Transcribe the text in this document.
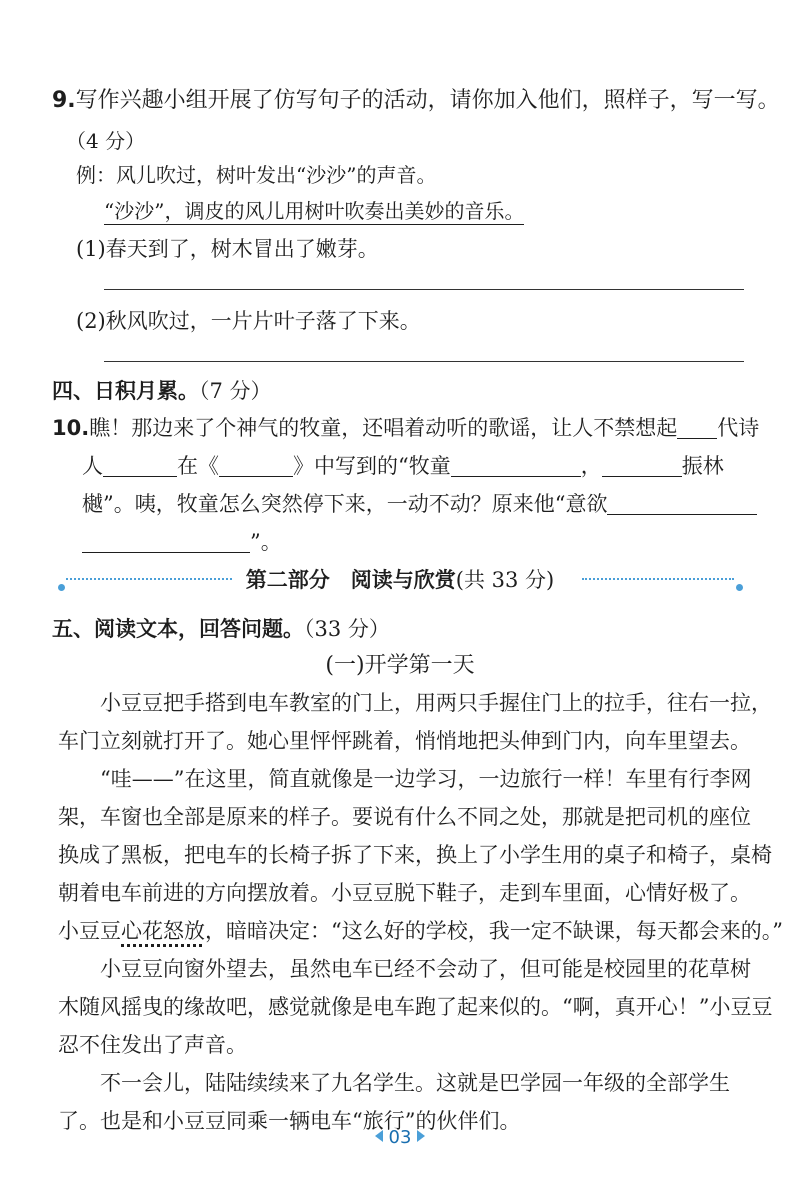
9.写作兴趣小组开展了仿写句子的活动，请你加入他们，照样子，写一写。
（4 分）
例：风儿吹过，树叶发出“沙沙”的声音。
“沙沙”，调皮的风儿用树叶吹奏出美妙的音乐。
(1)春天到了，树木冒出了嫩芽。
(2)秋风吹过，一片片叶子落了下来。
四、日积月累。（7 分）
10.瞧！那边来了个神气的牧童，还唱着动听的歌谣，让人不禁想起 代诗
人	在《	》中写到的“牧童	，	振林
樾”。咦，牧童怎么突然停下来，一动不动？原来他“意欲
”。
第二部分　阅读与欣赏(共 33 分)
五、阅读文本，回答问题。（33 分）
(一)开学第一天
小豆豆把手搭到电车教室的门上，用两只手握住门上的拉手，往右一拉，
车门立刻就打开了。她心里怦怦跳着，悄悄地把头伸到门内，向车里望去。
“哇——”在这里，简直就像是一边学习，一边旅行一样！车里有行李网
架，车窗也全部是原来的样子。要说有什么不同之处，那就是把司机的座位
换成了黑板，把电车的长椅子拆了下来，换上了小学生用的桌子和椅子，桌椅
朝着电车前进的方向摆放着。小豆豆脱下鞋子，走到车里面，心情好极了。
小豆豆心花怒放，暗暗决定：“这么好的学校，我一定不缺课，每天都会来的。”
小豆豆向窗外望去，虽然电车已经不会动了，但可能是校园里的花草树
木随风摇曳的缘故吧，感觉就像是电车跑了起来似的。“啊，真开心！”小豆豆
忍不住发出了声音。
不一会儿，陆陆续续来了九名学生。这就是巴学园一年级的全部学生
了。也是和小豆豆同乘一辆电车“旅行”的伙伴们。
03
